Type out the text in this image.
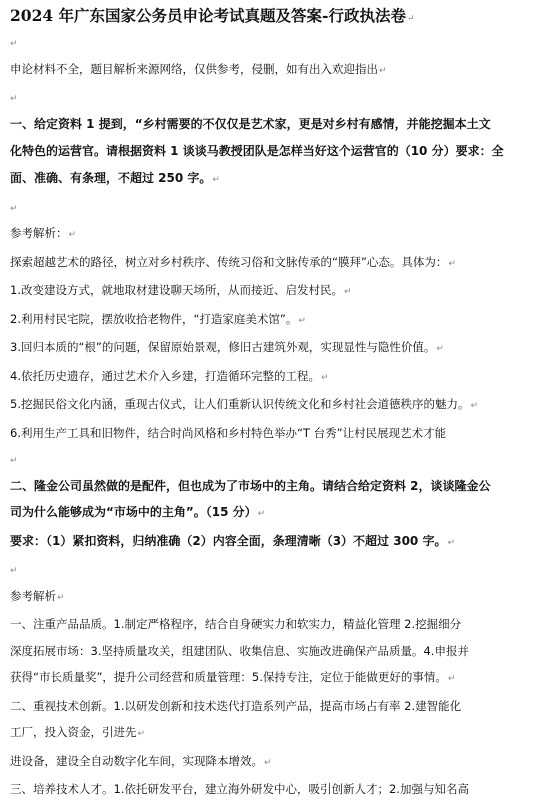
2024 年广东国家公务员申论考试真题及答案-行政执法卷↵
↵
申论材料不全，题目解析来源网络，仅供参考，侵删，如有出入欢迎指出↵
↵
一、给定资料 1 提到，“乡村需要的不仅仅是艺术家，更是对乡村有感情，并能挖掘本土文
化特色的运营官。请根据资料 1 谈谈马教授团队是怎样当好这个运营官的（10 分）要求：全
面、准确、有条理，不超过 250 字。↵
↵
参考解析：↵
探索超越艺术的路径，树立对乡村秩序、传统习俗和文脉传承的“膜拜”心态。具体为：↵
1.改变建设方式，就地取材建设聊天场所，从而接近、启发村民。↵
2.利用村民宅院，摆放收拾老物件，“打造家庭美术馆”。↵
3.回归本质的“根”的问题，保留原始景观，修旧古建筑外观，实现显性与隐性价值。↵
4.依托历史遗存，通过艺术介入乡建，打造循环完整的工程。↵
5.挖掘民俗文化内涵，重现古仪式，让人们重新认识传统文化和乡村社会道德秩序的魅力。↵
6.利用生产工具和旧物件，结合时尚风格和乡村特色举办“T 台秀”让村民展现艺术才能
↵
二、隆金公司虽然做的是配件，但也成为了市场中的主角。请结合给定资料 2，谈谈隆金公
司为什么能够成为“市场中的主角”。（15 分）↵
要求：（1）紧扣资料，归纳准确（2）内容全面，条理清晰（3）不超过 300 字。↵
↵
参考解析↵
一、注重产品品质。1.制定严格程序，结合自身硬实力和软实力，精益化管理 2.挖掘细分
深度拓展市场：3.坚持质量攻关，组建团队、收集信息、实施改进确保产品质量。4.申报并
获得“市长质量奖”，提升公司经营和质量管理：5.保持专注，定位于能做更好的事情。↵
二、重视技术创新。1.以研发创新和技术迭代打造系列产品，提高市场占有率 2.建智能化
工厂，投入资金，引进先↵
进设备，建设全自动数字化车间，实现降本增效。↵
三、培养技术人才。1.依托研发平台，建立海外研发中心，吸引创新人才；2.加强与知名高
